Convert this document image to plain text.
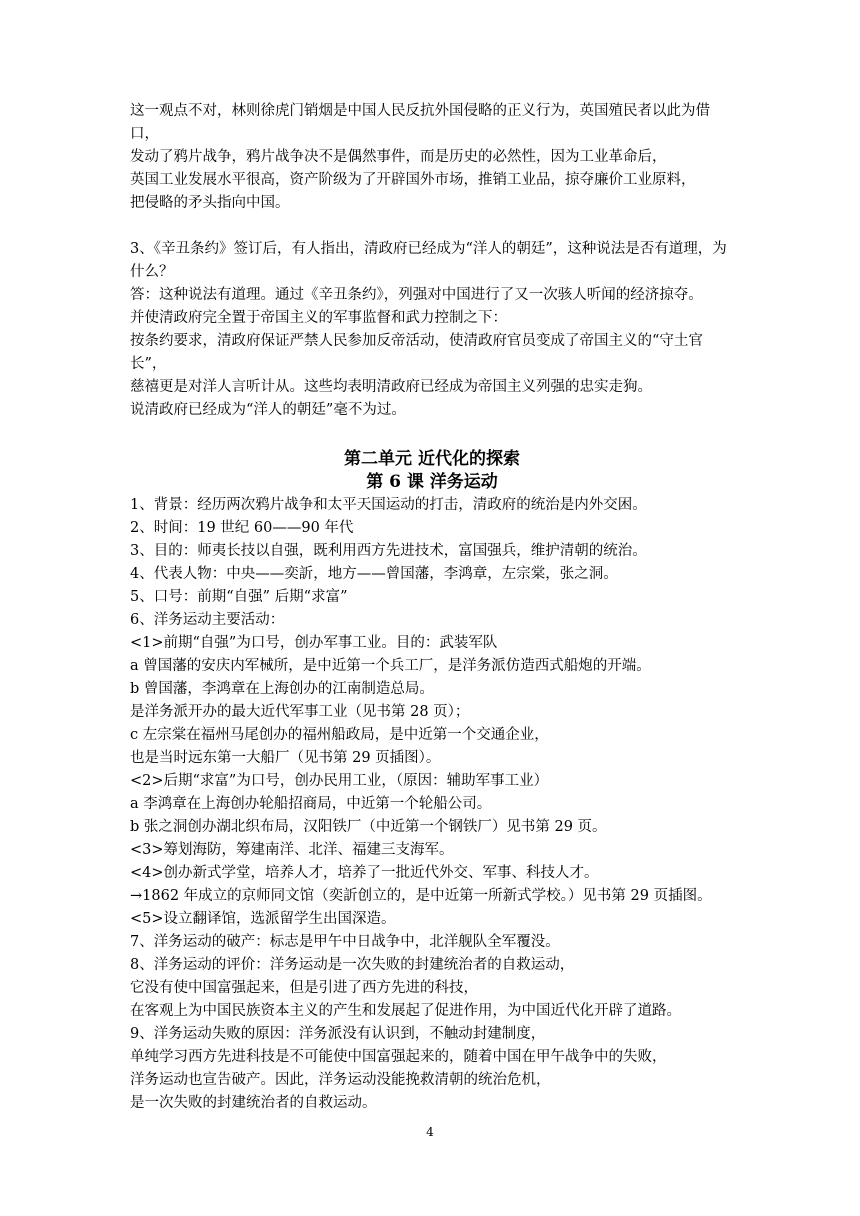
这一观点不对，林则徐虎门销烟是中国人民反抗外国侵略的正义行为，英国殖民者以此为借口，

发动了鸦片战争，鸦片战争决不是偶然事件，而是历史的必然性，因为工业革命后，

英国工业发展水平很高，资产阶级为了开辟国外市场，推销工业品，掠夺廉价工业原料，

把侵略的矛头指向中国。

3、《辛丑条约》签订后，有人指出，清政府已经成为“洋人的朝廷”，这种说法是否有道理，为什么？

答：这种说法有道理。通过《辛丑条约》，列强对中国进行了又一次骇人听闻的经济掠夺。

并使清政府完全置于帝国主义的军事监督和武力控制之下：

按条约要求，清政府保证严禁人民参加反帝活动，使清政府官员变成了帝国主义的“守土官长”，

慈禧更是对洋人言听计从。这些均表明清政府已经成为帝国主义列强的忠实走狗。

说清政府已经成为“洋人的朝廷”毫不为过。

第二单元 近代化的探索

第 6 课 洋务运动

1、背景：经历两次鸦片战争和太平天国运动的打击，清政府的统治是内外交困。

2、时间：19 世纪 60——90 年代

3、目的：师夷长技以自强，既利用西方先进技术，富国强兵，维护清朝的统治。

4、代表人物：中央——奕訢，地方——曾国藩，李鸿章，左宗棠，张之洞。

5、口号：前期“自强” 后期“求富”

6、洋务运动主要活动：

<1>前期“自强”为口号，创办军事工业。目的：武装军队

a 曾国藩的安庆内军械所，是中近第一个兵工厂，是洋务派仿造西式船炮的开端。

b 曾国藩，李鸿章在上海创办的江南制造总局。

是洋务派开办的最大近代军事工业（见书第 28 页）；

c 左宗棠在福州马尾创办的福州船政局，是中近第一个交通企业，

也是当时远东第一大船厂（见书第 29 页插图）。

<2>后期“求富”为口号，创办民用工业，（原因：辅助军事工业）

a 李鸿章在上海创办轮船招商局，中近第一个轮船公司。

b 张之洞创办湖北织布局，汉阳铁厂（中近第一个钢铁厂）见书第 29 页。

<3>筹划海防，筹建南洋、北洋、福建三支海军。

<4>创办新式学堂，培养人才，培养了一批近代外交、军事、科技人才。

→1862 年成立的京师同文馆（奕訢创立的，是中近第一所新式学校。）见书第 29 页插图。

<5>设立翻译馆，选派留学生出国深造。

7、洋务运动的破产：标志是甲午中日战争中，北洋舰队全军覆没。

8、洋务运动的评价：洋务运动是一次失败的封建统治者的自救运动，

它没有使中国富强起来，但是引进了西方先进的科技，

在客观上为中国民族资本主义的产生和发展起了促进作用，为中国近代化开辟了道路。

9、洋务运动失败的原因：洋务派没有认识到，不触动封建制度，

单纯学习西方先进科技是不可能使中国富强起来的，随着中国在甲午战争中的失败，

洋务运动也宣告破产。因此，洋务运动没能挽救清朝的统治危机，

是一次失败的封建统治者的自救运动。

4
